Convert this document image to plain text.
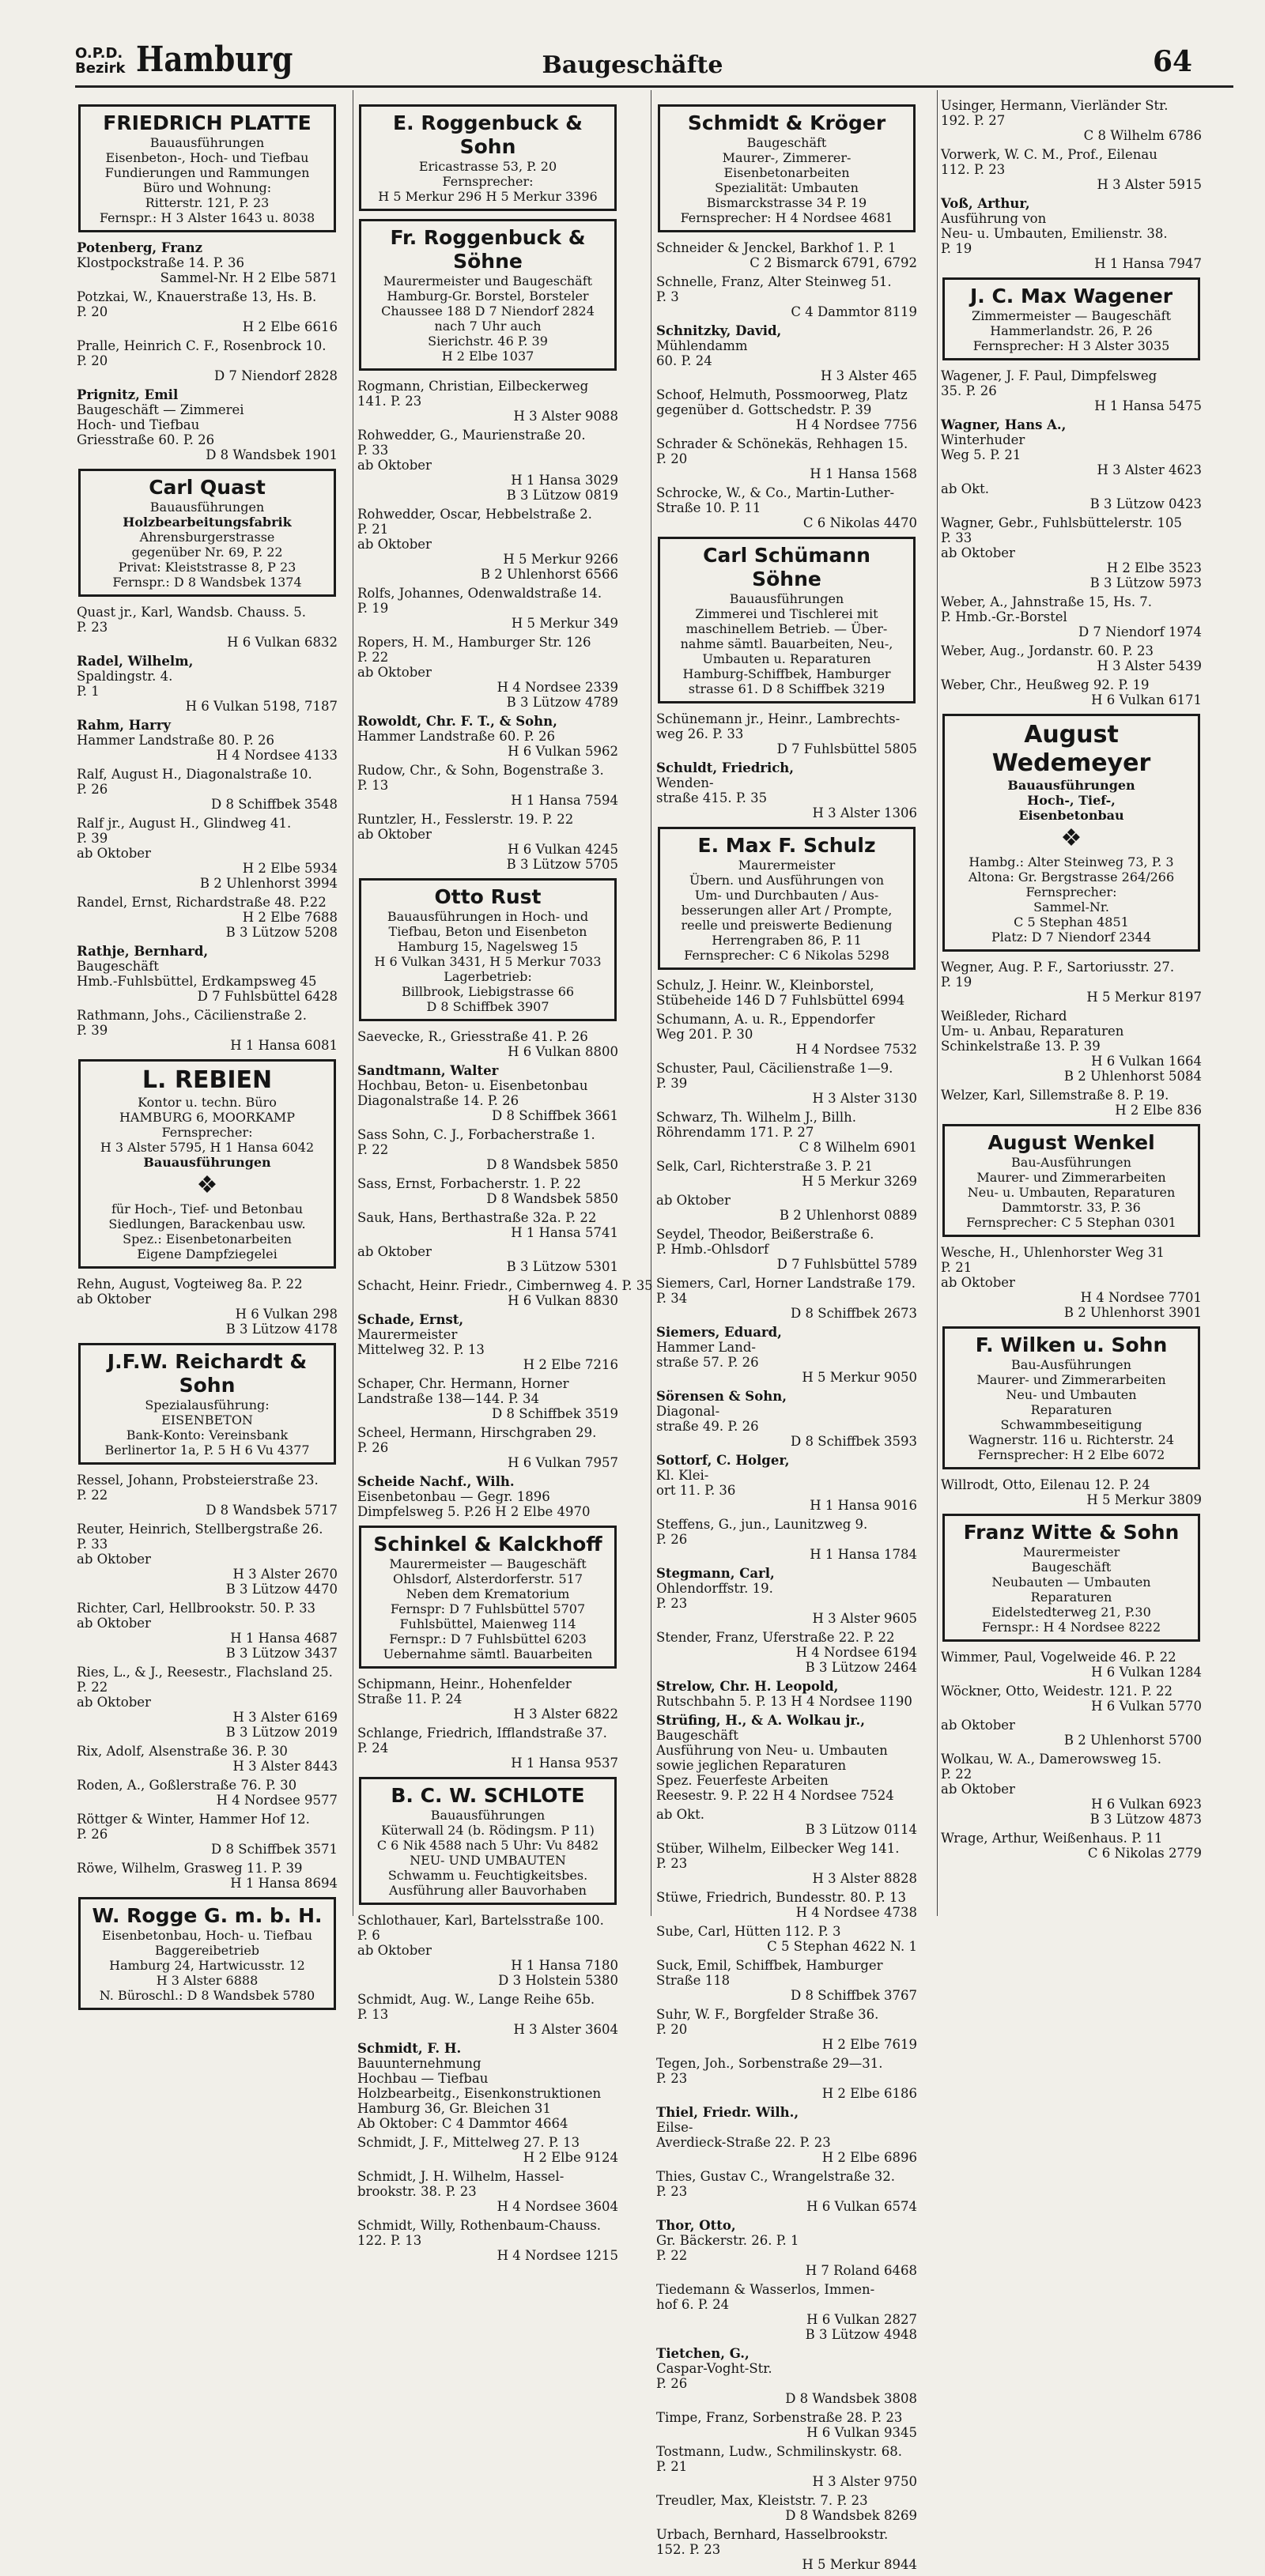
O.P.D.
Bezirk Hamburg	Baugeschäfte	64
FRIEDRICH PLATTE
Bauausführungen
Eisenbeton-, Hoch- und Tiefbau
Fundierungen und Rammungen
Büro und Wohnung:
Ritterstr. 121, P. 23
Fernspr.: H 3 Alster 1643 u. 8038
Potenberg, Franz
Klostpockstraße 14. P. 36
Sammel-Nr. H 2 Elbe 5871
Potzkai, W., Knauerstraße 13, Hs. B.
P. 20
H 2 Elbe 6616
Pralle, Heinrich C. F., Rosenbrock 10.
P. 20
D 7 Niendorf 2828
Prignitz, Emil
Baugeschäft — Zimmerei
Hoch- und Tiefbau
Griesstraße 60. P. 26
D 8 Wandsbek 1901
Carl Quast
Bauausführungen
Holzbearbeitungsfabrik
Ahrensburgerstrasse
gegenüber Nr. 69, P. 22
Privat: Kleiststrasse 8, P 23
Fernspr.: D 8 Wandsbek 1374
Quast jr., Karl, Wandsb. Chauss. 5.
P. 23
H 6 Vulkan 6832
Radel, Wilhelm,
Spaldingstr. 4.
P. 1
H 6 Vulkan 5198, 7187
Rahm, Harry
Hammer Landstraße 80. P. 26
H 4 Nordsee 4133
Ralf, August H., Diagonalstraße 10.
P. 26
D 8 Schiffbek 3548
Ralf jr., August H., Glindweg 41.
P. 39
ab Oktober
H 2 Elbe 5934
B 2 Uhlenhorst 3994
Randel, Ernst, Richardstraße 48. P.22
H 2 Elbe 7688
B 3 Lützow 5208
Rathje, Bernhard,
Baugeschäft
Hmb.-Fuhlsbüttel, Erdkampsweg 45
D 7 Fuhlsbüttel 6428
Rathmann, Johs., Cäcilienstraße 2.
P. 39
H 1 Hansa 6081
L. REBIEN
Kontor u. techn. Büro
HAMBURG 6, MOORKAMP
Fernsprecher:
H 3 Alster 5795, H 1 Hansa 6042
Bauausführungen
❖
für Hoch-, Tief- und Betonbau
Siedlungen, Barackenbau usw.
Spez.: Eisenbetonarbeiten
Eigene Dampfziegelei
Rehn, August, Vogteiweg 8a. P. 22
ab Oktober
H 6 Vulkan 298
B 3 Lützow 4178
J.F.W. Reichardt & Sohn
Spezialausführung:
EISENBETON
Bank-Konto: Vereinsbank
Berlinertor 1a, P. 5 H 6 Vu 4377
Ressel, Johann, Probsteierstraße 23.
P. 22
D 8 Wandsbek 5717
Reuter, Heinrich, Stellbergstraße 26.
P. 33
ab Oktober
H 3 Alster 2670
B 3 Lützow 4470
Richter, Carl, Hellbrookstr. 50. P. 33
ab Oktober
H 1 Hansa 4687
B 3 Lützow 3437
Ries, L., & J., Reesestr., Flachsland 25.
P. 22
ab Oktober
H 3 Alster 6169
B 3 Lützow 2019
Rix, Adolf, Alsenstraße 36. P. 30
H 3 Alster 8443
Roden, A., Goßlerstraße 76. P. 30
H 4 Nordsee 9577
Röttger & Winter, Hammer Hof 12.
P. 26
D 8 Schiffbek 3571
Röwe, Wilhelm, Grasweg 11. P. 39
H 1 Hansa 8694
W. Rogge G. m. b. H.
Eisenbetonbau, Hoch- u. Tiefbau
Baggereibetrieb
Hamburg 24, Hartwicusstr. 12
H 3 Alster 6888
N. Büroschl.: D 8 Wandsbek 5780
E. Roggenbuck & Sohn
Ericastrasse 53, P. 20
Fernsprecher:
H 5 Merkur 296 H 5 Merkur 3396
Fr. Roggenbuck & Söhne
Maurermeister und Baugeschäft
Hamburg-Gr. Borstel, Borsteler
Chaussee 188 D 7 Niendorf 2824
nach 7 Uhr auch
Sierichstr. 46 P. 39
H 2 Elbe 1037
Rogmann, Christian, Eilbeckerweg
141. P. 23
H 3 Alster 9088
Rohwedder, G., Maurienstraße 20.
P. 33
ab Oktober
H 1 Hansa 3029
B 3 Lützow 0819
Rohwedder, Oscar, Hebbelstraße 2.
P. 21
ab Oktober
H 5 Merkur 9266
B 2 Uhlenhorst 6566
Rolfs, Johannes, Odenwaldstraße 14.
P. 19
H 5 Merkur 349
Ropers, H. M., Hamburger Str. 126
P. 22
ab Oktober
H 4 Nordsee 2339
B 3 Lützow 4789
Rowoldt, Chr. F. T., & Sohn,
Hammer Landstraße 60. P. 26
H 6 Vulkan 5962
Rudow, Chr., & Sohn, Bogenstraße 3.
P. 13
H 1 Hansa 7594
Runtzler, H., Fesslerstr. 19. P. 22
ab Oktober
H 6 Vulkan 4245
B 3 Lützow 5705
Otto Rust
Bauausführungen in Hoch- und
Tiefbau, Beton und Eisenbeton
Hamburg 15, Nagelsweg 15
H 6 Vulkan 3431, H 5 Merkur 7033
Lagerbetrieb:
Billbrook, Liebigstrasse 66
D 8 Schiffbek 3907
Saevecke, R., Griesstraße 41. P. 26
H 6 Vulkan 8800
Sandtmann, Walter
Hochbau, Beton- u. Eisenbetonbau
Diagonalstraße 14. P. 26
D 8 Schiffbek 3661
Sass Sohn, C. J., Forbacherstraße 1.
P. 22
D 8 Wandsbek 5850
Sass, Ernst, Forbacherstr. 1. P. 22
D 8 Wandsbek 5850
Sauk, Hans, Berthastraße 32a. P. 22
H 1 Hansa 5741
ab Oktober
B 3 Lützow 5301
Schacht, Heinr. Friedr., Cimbernweg 4. P. 35
H 6 Vulkan 8830
Schade, Ernst,
Maurermeister
Mittelweg 32. P. 13
H 2 Elbe 7216
Schaper, Chr. Hermann, Horner
Landstraße 138—144. P. 34
D 8 Schiffbek 3519
Scheel, Hermann, Hirschgraben 29.
P. 26
H 6 Vulkan 7957
Scheide Nachf., Wilh.
Eisenbetonbau — Gegr. 1896
Dimpfelsweg 5. P.26 H 2 Elbe 4970
Schinkel & Kalckhoff
Maurermeister — Baugeschäft
Ohlsdorf, Alsterdorferstr. 517
Neben dem Krematorium
Fernspr: D 7 Fuhlsbüttel 5707
Fuhlsbüttel, Maienweg 114
Fernspr.: D 7 Fuhlsbüttel 6203
Uebernahme sämtl. Bauarbeiten
Schipmann, Heinr., Hohenfelder
Straße 11. P. 24
H 3 Alster 6822
Schlange, Friedrich, Ifflandstraße 37.
P. 24
H 1 Hansa 9537
B. C. W. SCHLOTE
Bauausführungen
Küterwall 24 (b. Rödingsm. P 11)
C 6 Nik 4588 nach 5 Uhr: Vu 8482
NEU- UND UMBAUTEN
Schwamm u. Feuchtigkeitsbes.
Ausführung aller Bauvorhaben
Schlothauer, Karl, Bartelsstraße 100.
P. 6
ab Oktober
H 1 Hansa 7180
D 3 Holstein 5380
Schmidt, Aug. W., Lange Reihe 65b.
P. 13
H 3 Alster 3604
Schmidt, F. H.
Bauunternehmung
Hochbau — Tiefbau
Holzbearbeitg., Eisenkonstruktionen
Hamburg 36, Gr. Bleichen 31
Ab Oktober: C 4 Dammtor 4664
Schmidt, J. F., Mittelweg 27. P. 13
H 2 Elbe 9124
Schmidt, J. H. Wilhelm, Hassel-
brookstr. 38. P. 23
H 4 Nordsee 3604
Schmidt, Willy, Rothenbaum-Chauss.
122. P. 13
H 4 Nordsee 1215
Schmidt & Kröger
Baugeschäft
Maurer-, Zimmerer-
Eisenbetonarbeiten
Spezialität: Umbauten
Bismarckstrasse 34 P. 19
Fernsprecher: H 4 Nordsee 4681
Schneider & Jenckel, Barkhof 1. P. 1
C 2 Bismarck 6791, 6792
Schnelle, Franz, Alter Steinweg 51.
P. 3
C 4 Dammtor 8119
Schnitzky, David,
Mühlendamm
60. P. 24
H 3 Alster 465
Schoof, Helmuth, Possmoorweg, Platz
gegenüber d. Gottschedstr. P. 39
H 4 Nordsee 7756
Schrader & Schönekäs, Rehhagen 15.
P. 20
H 1 Hansa 1568
Schrocke, W., & Co., Martin-Luther-
Straße 10. P. 11
C 6 Nikolas 4470
Carl Schümann Söhne
Bauausführungen
Zimmerei und Tischlerei mit
maschinellem Betrieb. — Über-
nahme sämtl. Bauarbeiten, Neu-,
Umbauten u. Reparaturen
Hamburg-Schiffbek, Hamburger
strasse 61. D 8 Schiffbek 3219
Schünemann jr., Heinr., Lambrechts-
weg 26. P. 33
D 7 Fuhlsbüttel 5805
Schuldt, Friedrich,
Wenden-
straße 415. P. 35
H 3 Alster 1306
E. Max F. Schulz
Maurermeister
Übern. und Ausführungen von
Um- und Durchbauten / Aus-
besserungen aller Art / Prompte,
reelle und preiswerte Bedienung
Herrengraben 86, P. 11
Fernsprecher: C 6 Nikolas 5298
Schulz, J. Heinr. W., Kleinborstel,
Stübeheide 146 D 7 Fuhlsbüttel 6994
Schumann, A. u. R., Eppendorfer
Weg 201. P. 30
H 4 Nordsee 7532
Schuster, Paul, Cäcilienstraße 1—9.
P. 39
H 3 Alster 3130
Schwarz, Th. Wilhelm J., Billh.
Röhrendamm 171. P. 27
C 8 Wilhelm 6901
Selk, Carl, Richterstraße 3. P. 21
H 5 Merkur 3269
ab Oktober
B 2 Uhlenhorst 0889
Seydel, Theodor, Beißerstraße 6.
P. Hmb.-Ohlsdorf
D 7 Fuhlsbüttel 5789
Siemers, Carl, Horner Landstraße 179.
P. 34
D 8 Schiffbek 2673
Siemers, Eduard,
Hammer Land-
straße 57. P. 26
H 5 Merkur 9050
Sörensen & Sohn,
Diagonal-
straße 49. P. 26
D 8 Schiffbek 3593
Sottorf, C. Holger,
Kl. Klei-
ort 11. P. 36
H 1 Hansa 9016
Steffens, G., jun., Launitzweg 9.
P. 26
H 1 Hansa 1784
Stegmann, Carl,
Ohlendorffstr. 19.
P. 23
H 3 Alster 9605
Stender, Franz, Uferstraße 22. P. 22
H 4 Nordsee 6194
B 3 Lützow 2464
Strelow, Chr. H. Leopold,
Rutschbahn 5. P. 13 H 4 Nordsee 1190
Strüfing, H., & A. Wolkau jr.,
Baugeschäft
Ausführung von Neu- u. Umbauten
sowie jeglichen Reparaturen
Spez. Feuerfeste Arbeiten
Reesestr. 9. P. 22 H 4 Nordsee 7524
ab Okt.
B 3 Lützow 0114
Stüber, Wilhelm, Eilbecker Weg 141.
P. 23
H 3 Alster 8828
Stüwe, Friedrich, Bundesstr. 80. P. 13
H 4 Nordsee 4738
Sube, Carl, Hütten 112. P. 3
C 5 Stephan 4622 N. 1
Suck, Emil, Schiffbek, Hamburger
Straße 118
D 8 Schiffbek 3767
Suhr, W. F., Borgfelder Straße 36.
P. 20
H 2 Elbe 7619
Tegen, Joh., Sorbenstraße 29—31.
P. 23
H 2 Elbe 6186
Thiel, Friedr. Wilh.,
Eilse-
Averdieck-Straße 22. P. 23
H 2 Elbe 6896
Thies, Gustav C., Wrangelstraße 32.
P. 23
H 6 Vulkan 6574
Thor, Otto,
Gr. Bäckerstr. 26. P. 1
P. 22
H 7 Roland 6468
Tiedemann & Wasserlos, Immen-
hof 6. P. 24
H 6 Vulkan 2827
B 3 Lützow 4948
Tietchen, G.,
Caspar-Voght-Str.
P. 26
D 8 Wandsbek 3808
Timpe, Franz, Sorbenstraße 28. P. 23
H 6 Vulkan 9345
Tostmann, Ludw., Schmilinskystr. 68.
P. 21
H 3 Alster 9750
Treudler, Max, Kleiststr. 7. P. 23
D 8 Wandsbek 8269
Urbach, Bernhard, Hasselbrookstr.
152. P. 23
H 5 Merkur 8944
Usinger, Hermann, Vierländer Str.
192. P. 27
C 8 Wilhelm 6786
Vorwerk, W. C. M., Prof., Eilenau
112. P. 23
H 3 Alster 5915
Voß, Arthur,
Ausführung von
Neu- u. Umbauten, Emilienstr. 38.
P. 19
H 1 Hansa 7947
J. C. Max Wagener
Zimmermeister — Baugeschäft
Hammerlandstr. 26, P. 26
Fernsprecher: H 3 Alster 3035
Wagener, J. F. Paul, Dimpfelsweg
35. P. 26
H 1 Hansa 5475
Wagner, Hans A.,
Winterhuder
Weg 5. P. 21
H 3 Alster 4623
ab Okt.
B 3 Lützow 0423
Wagner, Gebr., Fuhlsbüttelerstr. 105
P. 33
ab Oktober
H 2 Elbe 3523
B 3 Lützow 5973
Weber, A., Jahnstraße 15, Hs. 7.
P. Hmb.-Gr.-Borstel
D 7 Niendorf 1974
Weber, Aug., Jordanstr. 60. P. 23
H 3 Alster 5439
Weber, Chr., Heußweg 92. P. 19
H 6 Vulkan 6171
August Wedemeyer
Bauausführungen
Hoch-, Tief-,
Eisenbetonbau
❖
Hambg.: Alter Steinweg 73, P. 3
Altona: Gr. Bergstrasse 264/266
Fernsprecher:
Sammel-Nr.
C 5 Stephan 4851
Platz: D 7 Niendorf 2344
Wegner, Aug. P. F., Sartoriusstr. 27.
P. 19
H 5 Merkur 8197
Weißleder, Richard
Um- u. Anbau, Reparaturen
Schinkelstraße 13. P. 39
H 6 Vulkan 1664
B 2 Uhlenhorst 5084
Welzer, Karl, Sillemstraße 8. P. 19.
H 2 Elbe 836
August Wenkel
Bau-Ausführungen
Maurer- und Zimmerarbeiten
Neu- u. Umbauten, Reparaturen
Dammtorstr. 33, P. 36
Fernsprecher: C 5 Stephan 0301
Wesche, H., Uhlenhorster Weg 31
P. 21
ab Oktober
H 4 Nordsee 7701
B 2 Uhlenhorst 3901
F. Wilken u. Sohn
Bau-Ausführungen
Maurer- und Zimmerarbeiten
Neu- und Umbauten
Reparaturen
Schwammbeseitigung
Wagnerstr. 116 u. Richterstr. 24
Fernsprecher: H 2 Elbe 6072
Willrodt, Otto, Eilenau 12. P. 24
H 5 Merkur 3809
Franz Witte & Sohn
Maurermeister
Baugeschäft
Neubauten — Umbauten
Reparaturen
Eidelstedterweg 21, P.30
Fernspr.: H 4 Nordsee 8222
Wimmer, Paul, Vogelweide 46. P. 22
H 6 Vulkan 1284
Wöckner, Otto, Weidestr. 121. P. 22
H 6 Vulkan 5770
ab Oktober
B 2 Uhlenhorst 5700
Wolkau, W. A., Damerowsweg 15.
P. 22
ab Oktober
H 6 Vulkan 6923
B 3 Lützow 4873
Wrage, Arthur, Weißenhaus. P. 11
C 6 Nikolas 2779
